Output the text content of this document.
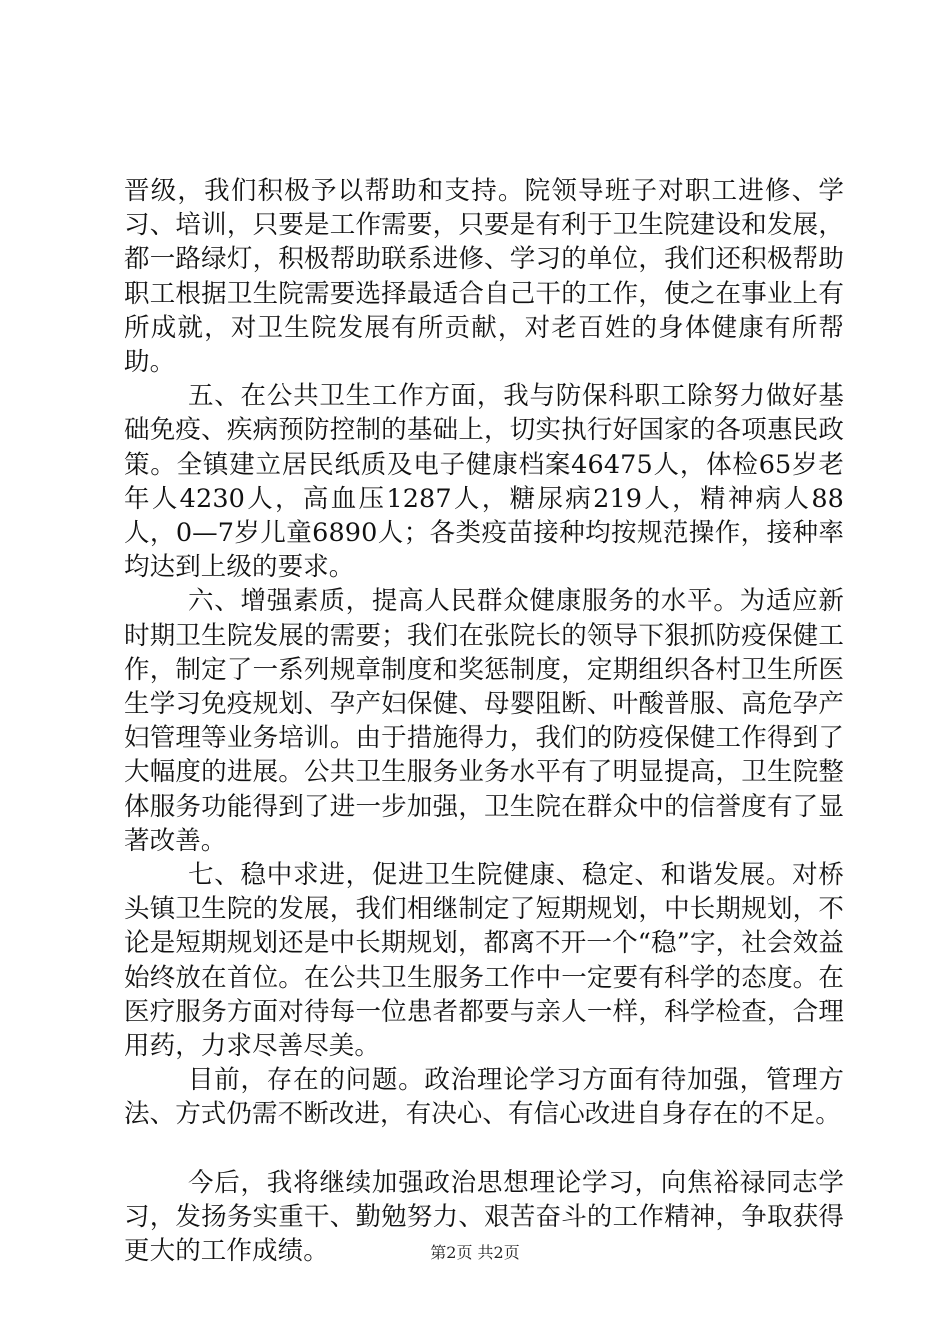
晋级，我们积极予以帮助和支持。院领导班子对职工进修、学习、培训，只要是工作需要，只要是有利于卫生院建设和发展，都一路绿灯，积极帮助联系进修、学习的单位，我们还积极帮助职工根据卫生院需要选择最适合自己干的工作，使之在事业上有所成就，对卫生院发展有所贡献，对老百姓的身体健康有所帮助。

五、在公共卫生工作方面，我与防保科职工除努力做好基础免疫、疾病预防控制的基础上，切实执行好国家的各项惠民政策。全镇建立居民纸质及电子健康档案46475人，体检65岁老年人4230人，高血压1287人，糖尿病219人，精神病人88人，0—7岁儿童6890人；各类疫苗接种均按规范操作，接种率均达到上级的要求。

六、增强素质，提高人民群众健康服务的水平。为适应新时期卫生院发展的需要；我们在张院长的领导下狠抓防疫保健工作，制定了一系列规章制度和奖惩制度，定期组织各村卫生所医生学习免疫规划、孕产妇保健、母婴阻断、叶酸普服、高危孕产妇管理等业务培训。由于措施得力，我们的防疫保健工作得到了大幅度的进展。公共卫生服务业务水平有了明显提高，卫生院整体服务功能得到了进一步加强，卫生院在群众中的信誉度有了显著改善。

七、稳中求进，促进卫生院健康、稳定、和谐发展。对桥头镇卫生院的发展，我们相继制定了短期规划，中长期规划，不论是短期规划还是中长期规划，都离不开一个“稳”字，社会效益始终放在首位。在公共卫生服务工作中一定要有科学的态度。在医疗服务方面对待每一位患者都要与亲人一样，科学检查，合理用药，力求尽善尽美。

目前，存在的问题。政治理论学习方面有待加强，管理方法、方式仍需不断改进，有决心、有信心改进自身存在的不足。

今后，我将继续加强政治思想理论学习，向焦裕禄同志学习，发扬务实重干、勤勉努力、艰苦奋斗的工作精神，争取获得更大的工作成绩。	第2页 共2页
